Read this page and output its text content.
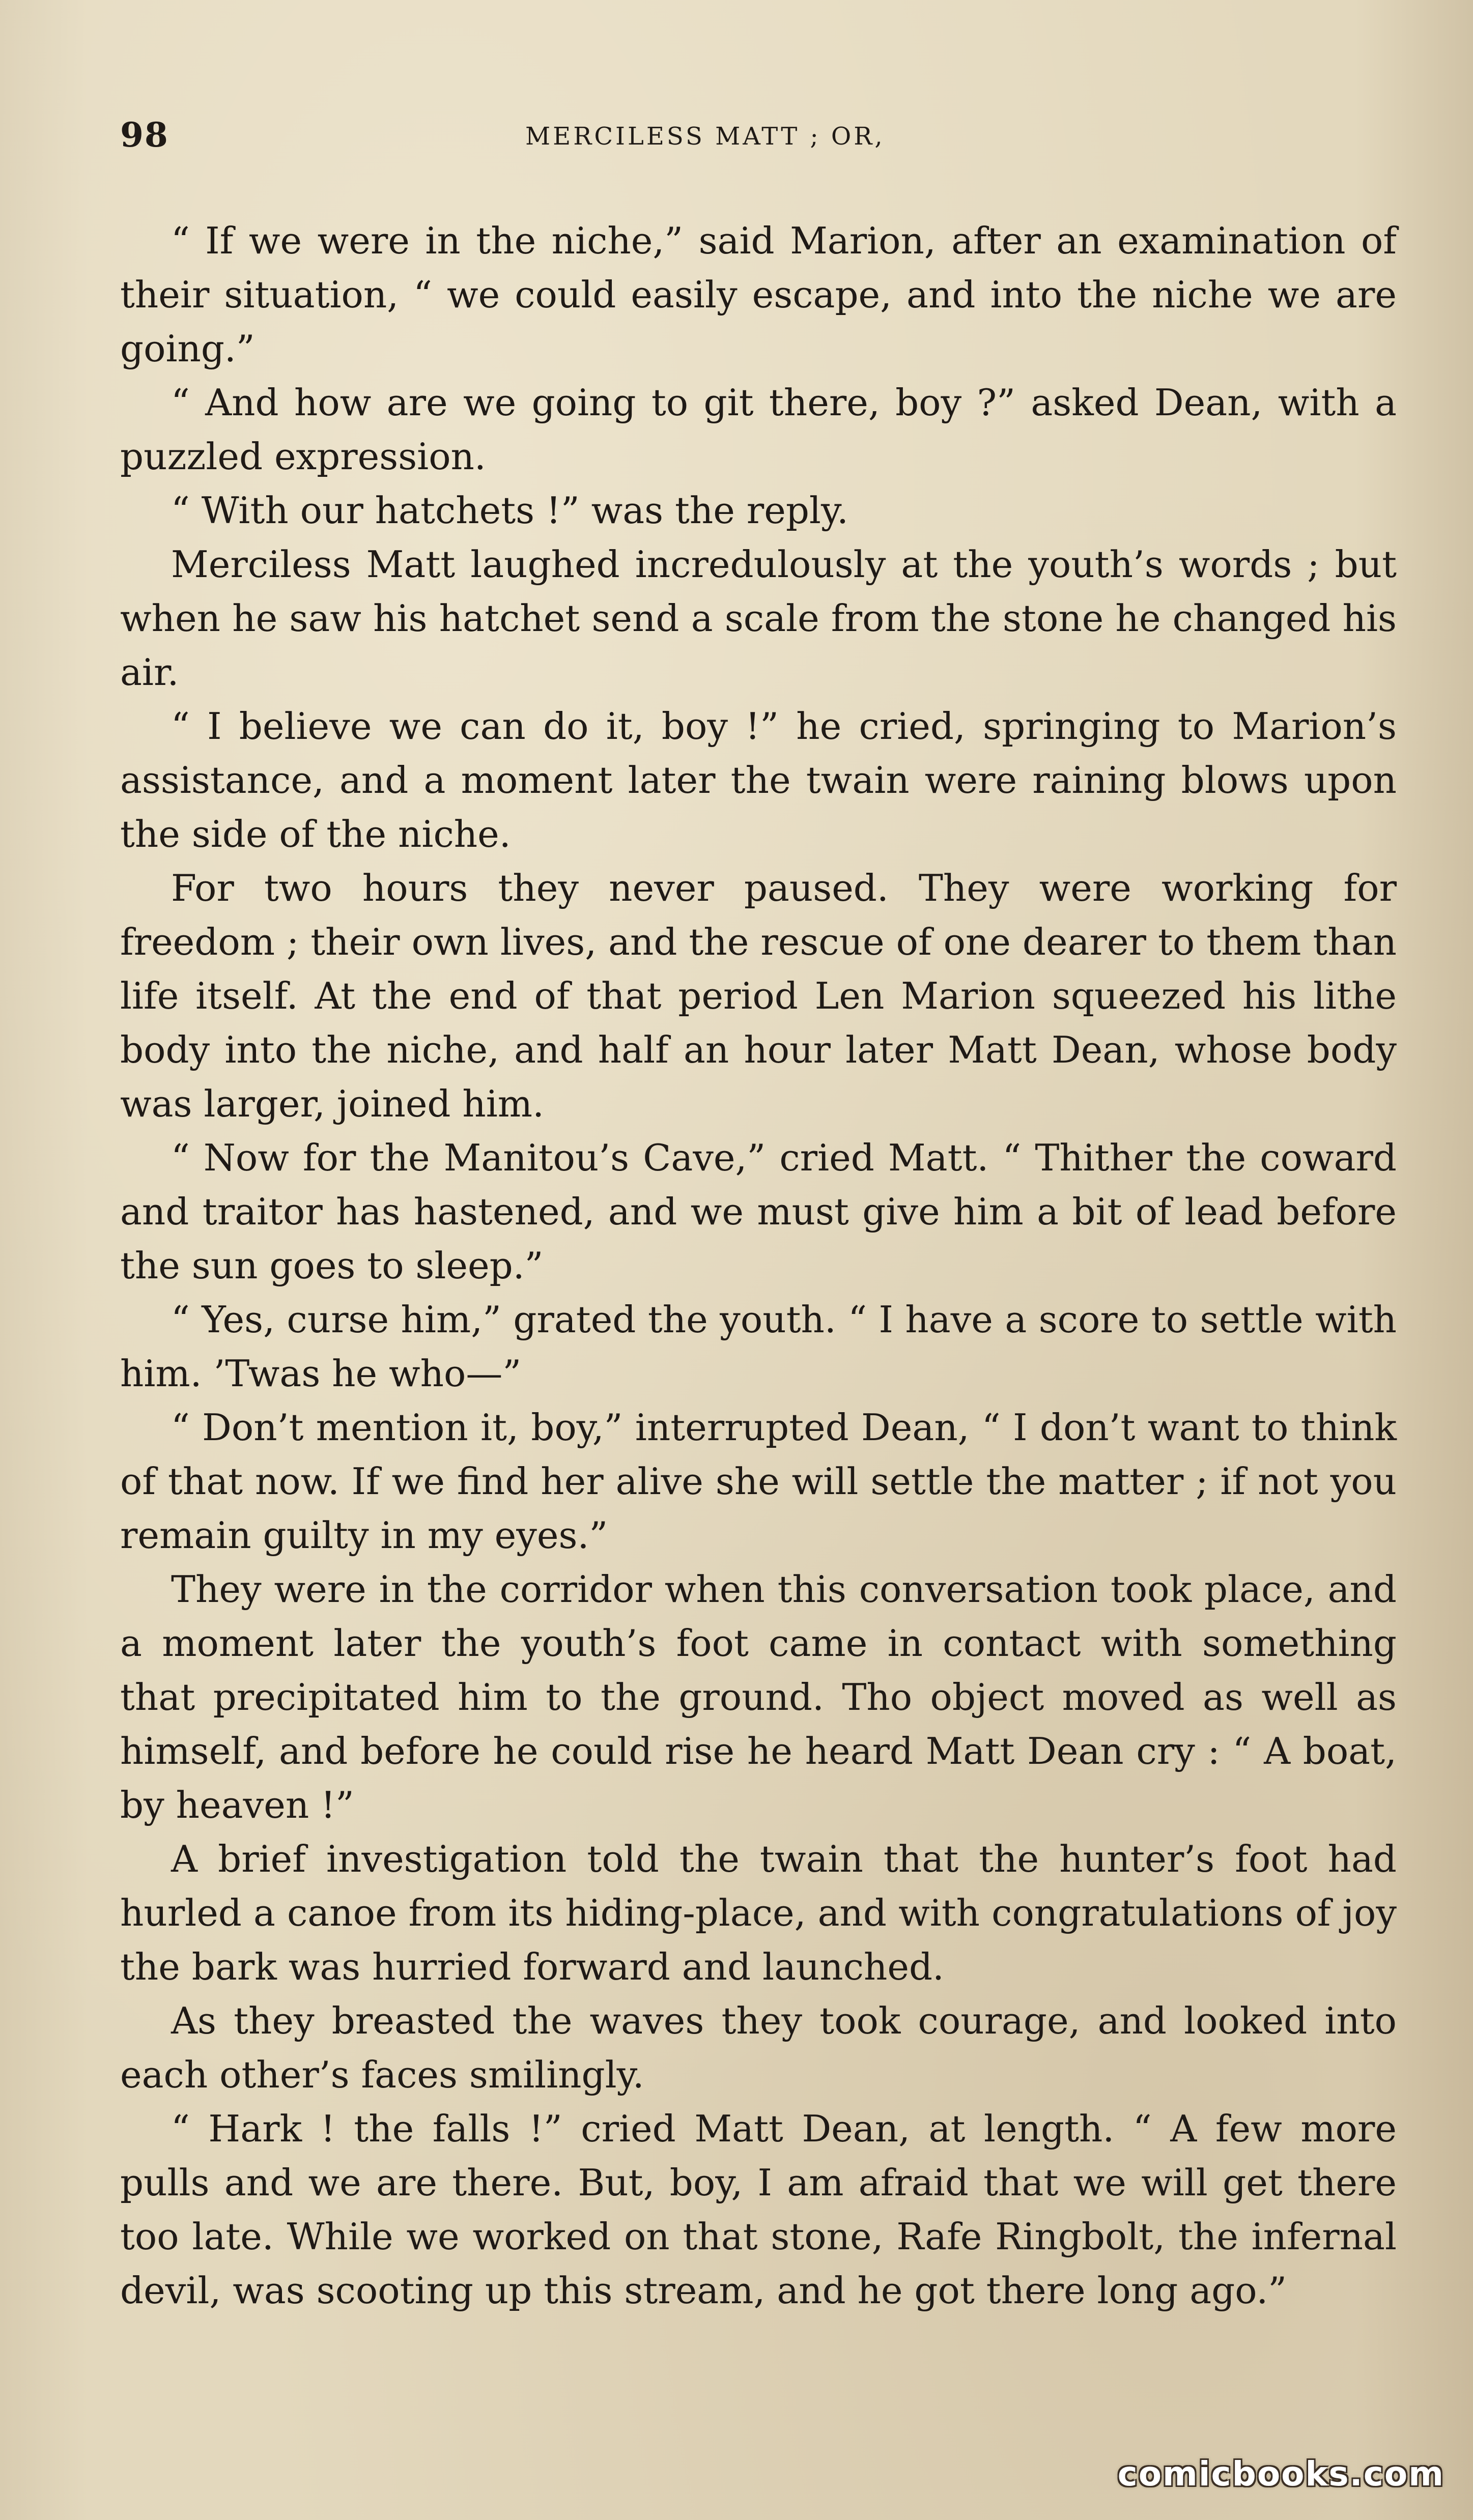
98	MERCILESS MATT ; OR,

“ If we were in the niche,” said Marion, after an examination of their situation, “ we could easily escape, and into the niche we are going.”

“ And how are we going to git there, boy ?” asked Dean, with a puzzled expression.

“ With our hatchets !” was the reply.

Merciless Matt laughed incredulously at the youth’s words ; but when he saw his hatchet send a scale from the stone he changed his air.

“ I believe we can do it, boy !” he cried, springing to Marion’s assistance, and a moment later the twain were raining blows upon the side of the niche.

For two hours they never paused. They were working for freedom ; their own lives, and the rescue of one dearer to them than life itself. At the end of that period Len Marion squeezed his lithe body into the niche, and half an hour later Matt Dean, whose body was larger, joined him.

“ Now for the Manitou’s Cave,” cried Matt. “ Thither the coward and traitor has hastened, and we must give him a bit of lead before the sun goes to sleep.”

“ Yes, curse him,” grated the youth. “ I have a score to settle with him. ’Twas he who—”

“ Don’t mention it, boy,” interrupted Dean, “ I don’t want to think of that now. If we find her alive she will settle the matter ; if not you remain guilty in my eyes.”

They were in the corridor when this conversation took place, and a moment later the youth’s foot came in contact with something that precipitated him to the ground. Tho object moved as well as himself, and before he could rise he heard Matt Dean cry : “ A boat, by heaven !”

A brief investigation told the twain that the hunter’s foot had hurled a canoe from its hiding-place, and with congratulations of joy the bark was hurried forward and launched.

As they breasted the waves they took courage, and looked into each other’s faces smilingly.

“ Hark ! the falls !” cried Matt Dean, at length. “ A few more pulls and we are there. But, boy, I am afraid that we will get there too late. While we worked on that stone, Rafe Ringbolt, the infernal devil, was scooting up this stream, and he got there long ago.”

comicbooks.com
